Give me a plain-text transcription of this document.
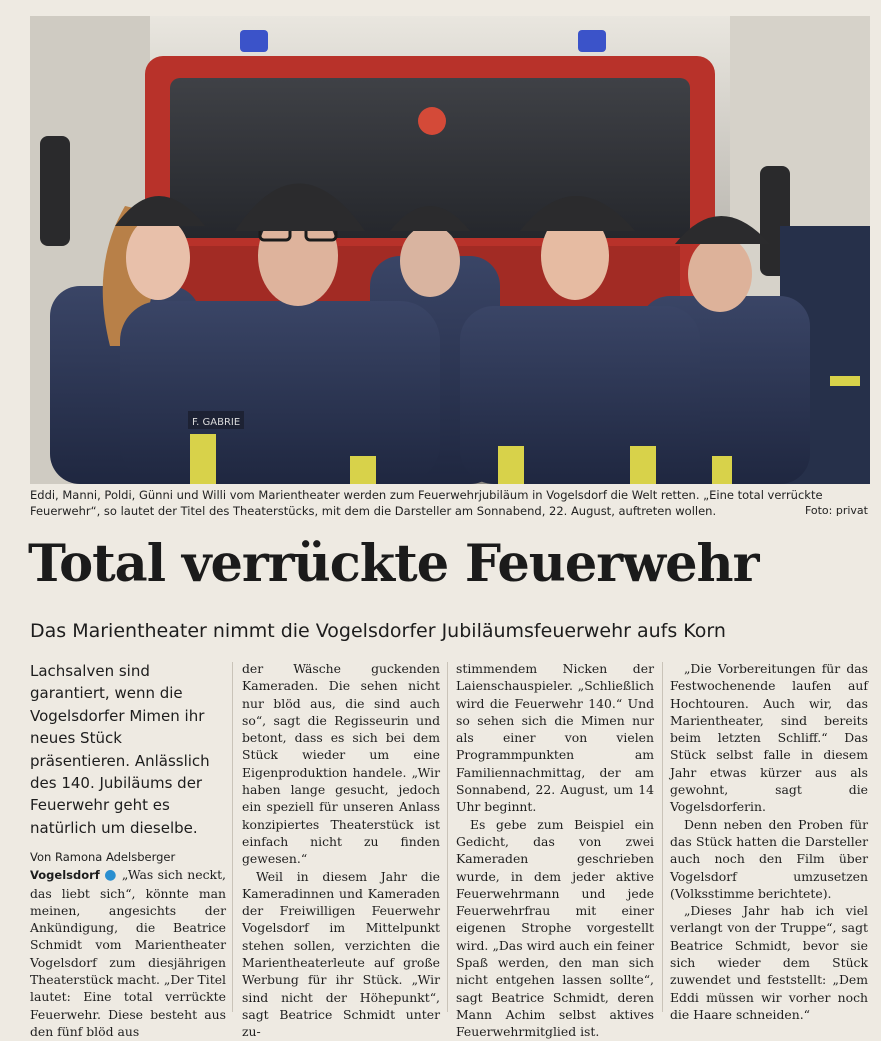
F. GABRIE
Eddi, Manni, Poldi, Günni und Willi vom Marientheater werden zum Feuerwehrjubiläum in Vogelsdorf die Welt retten. „Eine total verrückte Feuerwehr“, so lautet der Titel des Theaterstücks, mit dem die Darsteller am Sonnabend, 22. August, auftreten wollen.	Foto: privat
Total verrückte Feuerwehr
Das Marientheater nimmt die Vogelsdorfer Jubiläumsfeuerwehr aufs Korn

Lachsalven sind garantiert, wenn die Vogelsdorfer Mimen ihr neues Stück präsentieren. Anlässlich des 140. Jubiläums der Feuerwehr geht es natürlich um dieselbe.

Von Ramona Adelsberger

Vogelsdorf ● „Was sich neckt, das liebt sich“, könnte man meinen, angesichts der Ankündigung, die Beatrice Schmidt vom Marientheater Vogelsdorf zum diesjährigen Theaterstück macht. „Der Titel lautet: Eine total verrückte Feuerwehr. Diese besteht aus den fünf blöd aus

der Wäsche guckenden Kameraden. Die sehen nicht nur blöd aus, die sind auch so“, sagt die Regisseurin und betont, dass es sich bei dem Stück wieder um eine Eigenproduktion handele. „Wir haben lange gesucht, jedoch ein speziell für unseren Anlass konzipiertes Theaterstück ist einfach nicht zu finden gewesen.“

Weil in diesem Jahr die Kameradinnen und Kameraden der Freiwilligen Feuerwehr Vogelsdorf im Mittelpunkt stehen sollen, verzichten die Marientheaterleute auf große Werbung für ihr Stück. „Wir sind nicht der Höhepunkt“, sagt Beatrice Schmidt unter zu-

stimmendem Nicken der Laienschauspieler. „Schließlich wird die Feuerwehr 140.“ Und so sehen sich die Mimen nur als einer von vielen Programmpunkten am Familiennachmittag, der am Sonnabend, 22. August, um 14 Uhr beginnt.

Es gebe zum Beispiel ein Gedicht, das von zwei Kameraden geschrieben wurde, in dem jeder aktive Feuerwehrmann und jede Feuerwehrfrau mit einer eigenen Strophe vorgestellt wird. „Das wird auch ein feiner Spaß werden, den man sich nicht entgehen lassen sollte“, sagt Beatrice Schmidt, deren Mann Achim selbst aktives Feuerwehrmitglied ist.

„Die Vorbereitungen für das Festwochenende laufen auf Hochtouren. Auch wir, das Marientheater, sind bereits beim letzten Schliff.“ Das Stück selbst falle in diesem Jahr etwas kürzer aus als gewohnt, sagt die Vogelsdorferin.

Denn neben den Proben für das Stück hatten die Darsteller auch noch den Film über Vogelsdorf umzusetzen (Volksstimme berichtete).

„Dieses Jahr hab ich viel verlangt von der Truppe“, sagt Beatrice Schmidt, bevor sie sich wieder dem Stück zuwendet und feststellt: „Dem Eddi müssen wir vorher noch die Haare schneiden.“
